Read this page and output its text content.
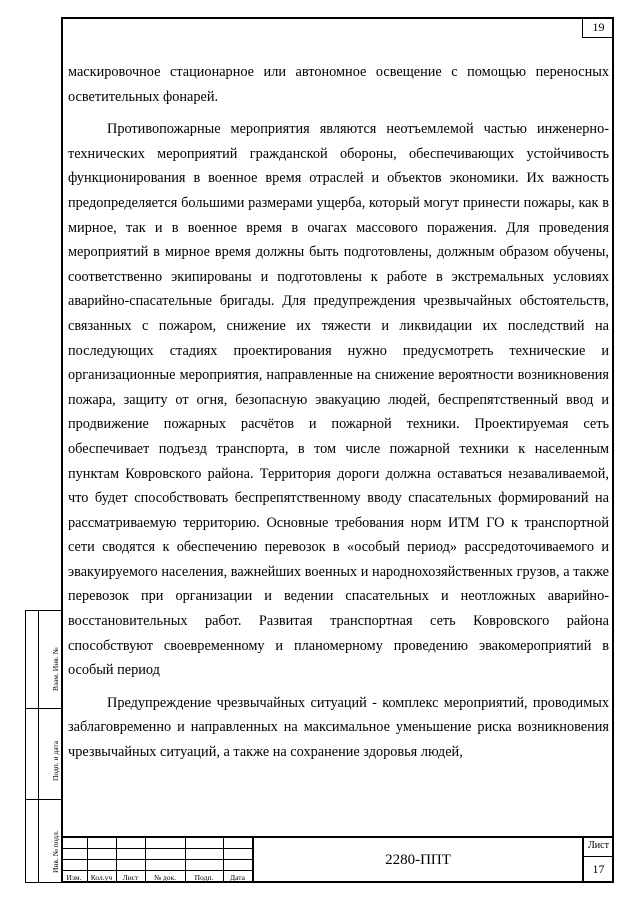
19

маскировочное стационарное или автономное освещение с помощью переносных осветительных фонарей.

Противопожарные мероприятия являются неотъемлемой частью инженерно-технических мероприятий гражданской обороны, обеспечивающих устойчивость функционирования в военное время отраслей и объектов экономики. Их важность предопределяется большими размерами ущерба, который могут принести пожары, как в мирное, так и в военное время в очагах массового поражения. Для проведения мероприятий в мирное время должны быть подготовлены, должным образом обучены, соответственно экипированы и подготовлены к работе в экстремальных условиях аварийно-спасательные бригады. Для предупреждения чрезвычайных обстоятельств, связанных с пожаром, снижение их тяжести и ликвидации их последствий на последующих стадиях проектирования нужно предусмотреть технические и организационные мероприятия, направленные на снижение вероятности возникновения пожара, защиту от огня, безопасную эвакуацию людей, беспрепятственный ввод и продвижение пожарных расчётов и пожарной техники. Проектируемая сеть обеспечивает подъезд транспорта, в том числе пожарной техники к населенным пунктам Ковровского района. Территория дороги должна оставаться незаваливаемой, что будет способствовать беспрепятственному вводу спасательных формирований на рассматриваемую территорию. Основные требования норм ИТМ ГО к транспортной сети сводятся к обеспечению перевозок в «особый период» рассредоточиваемого и эвакуируемого населения, важнейших военных и народнохозяйственных грузов, а также перевозок при организации и ведении спасательных и неотложных аварийно-восстановительных работ. Развитая транспортная сеть Ковровского района способствуют своевременному и планомерному проведению эвакомероприятий в особый период

Предупреждение чрезвычайных ситуаций - комплекс мероприятий, проводимых заблаговременно и направленных на максимальное уменьшение риска возникновения чрезвычайных ситуаций, а также на сохранение здоровья людей,

Взам. Инв. №
Подп. и дата
Инв. № подл.
Изм.	Кол.уч	Лист	№ док.	Подп.	Дата
2280-ППТ
Лист
17
